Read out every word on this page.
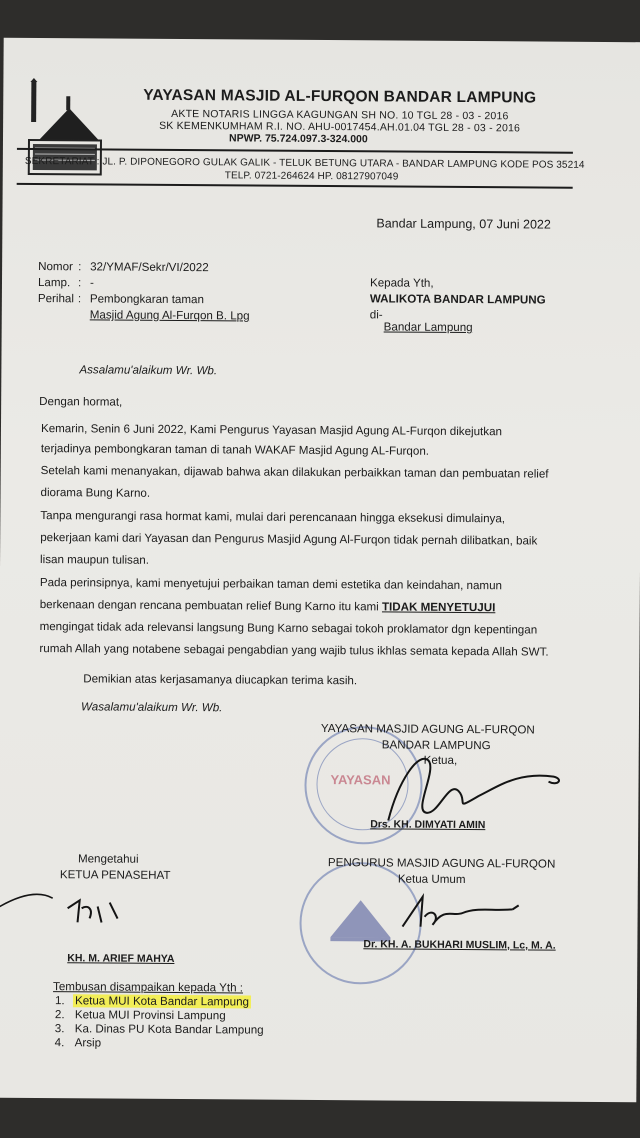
YAYASAN MASJID AL-FURQON BANDAR LAMPUNG
AKTE NOTARIS LINGGA KAGUNGAN SH NO. 10 TGL 28 - 03 - 2016
SK KEMENKUMHAM R.I. NO. AHU-0017454.AH.01.04 TGL 28 - 03 - 2016
NPWP. 75.724.097.3-324.000
SEKRETARIAT : JL. P. DIPONEGORO GULAK GALIK - TELUK BETUNG UTARA - BANDAR LAMPUNG KODE POS 35214
TELP. 0721-264624 HP. 08127907049
Bandar Lampung, 07 Juni 2022
Nomor : 32/YMAF/Sekr/VI/2022
Lamp. : -
Perihal : Pembongkaran taman
Masjid Agung Al-Furqon B. Lpg
Kepada Yth,
WALIKOTA BANDAR LAMPUNG
di-
Bandar Lampung
Assalamu'alaikum Wr. Wb.
Dengan hormat,
Kemarin, Senin 6 Juni 2022, Kami Pengurus Yayasan Masjid Agung AL-Furqon dikejutkan
terjadinya pembongkaran taman di tanah WAKAF Masjid Agung AL-Furqon.
Setelah kami menanyakan, dijawab bahwa akan dilakukan perbaikkan taman dan pembuatan relief
diorama Bung Karno.
Tanpa mengurangi rasa hormat kami, mulai dari perencanaan hingga eksekusi dimulainya,
pekerjaan kami dari Yayasan dan Pengurus Masjid Agung Al-Furqon tidak pernah dilibatkan, baik
lisan maupun tulisan.
Pada perinsipnya, kami menyetujui perbaikan taman demi estetika dan keindahan, namun
berkenaan dengan rencana pembuatan relief Bung Karno itu kami TIDAK MENYETUJUI
mengingat tidak ada relevansi langsung Bung Karno sebagai tokoh proklamator dgn kepentingan
rumah Allah yang notabene sebagai pengabdian yang wajib tulus ikhlas semata kepada Allah SWT.
Demikian atas kerjasamanya diucapkan terima kasih.
Wasalamu'alaikum Wr. Wb.
YAYASAN
YAYASAN MASJID AGUNG AL-FURQON
BANDAR LAMPUNG
Ketua,
Drs. KH. DIMYATI AMIN
Mengetahui
KETUA PENASEHAT
KH. M. ARIEF MAHYA
PENGURUS MASJID AGUNG AL-FURQON
Ketua Umum
Dr. KH. A. BUKHARI MUSLIM, Lc, M. A.
Tembusan disampaikan kepada Yth :
1. Ketua MUI Kota Bandar Lampung
2. Ketua MUI Provinsi Lampung
3. Ka. Dinas PU Kota Bandar Lampung
4. Arsip
